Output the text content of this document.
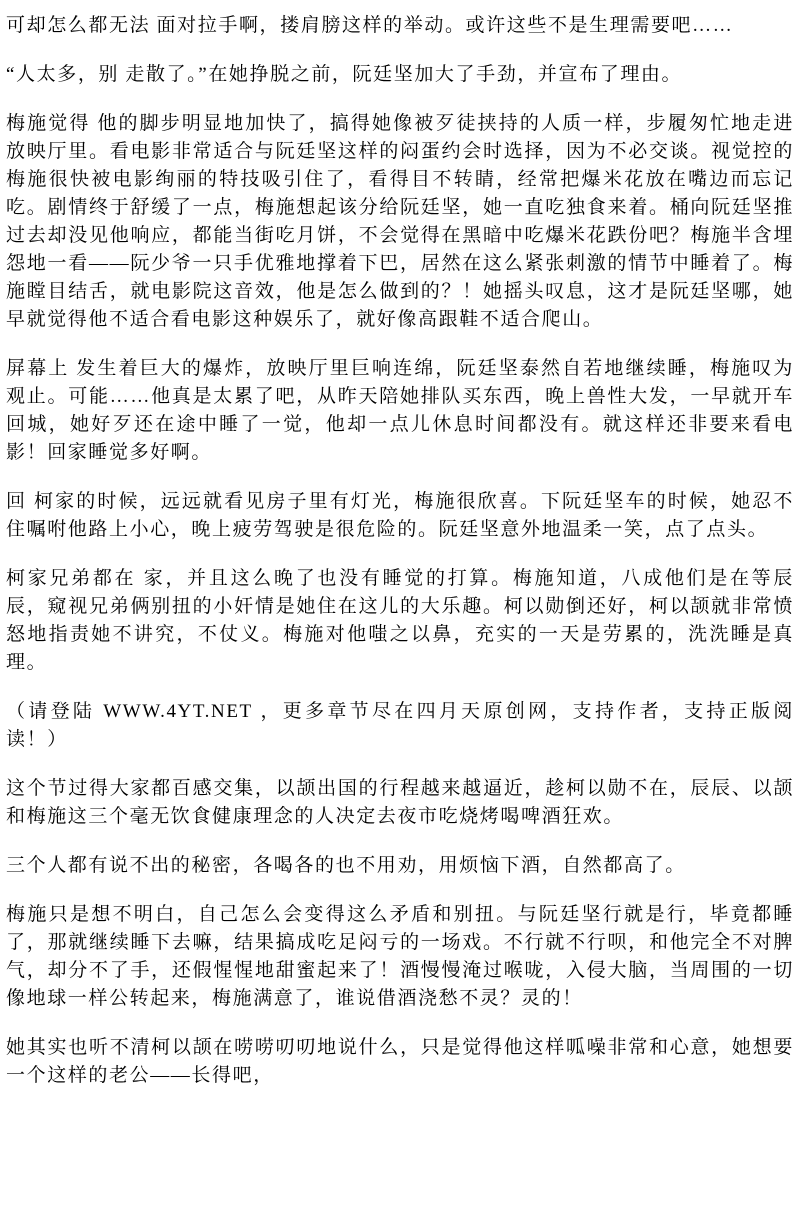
可却怎么都无法 面对拉手啊，搂肩膀这样的举动。或许这些不是生理需要吧……

“人太多，别 走散了。”在她挣脱之前，阮廷坚加大了手劲，并宣布了理由。

梅施觉得 他的脚步明显地加快了，搞得她像被歹徒挟持的人质一样，步履匆忙地走进放映厅里。看电影非常适合与阮廷坚这样的闷蛋约会时选择，因为不必交谈。视觉控的梅施很快被电影绚丽的特技吸引住了，看得目不转睛，经常把爆米花放在嘴边而忘记吃。剧情终于舒缓了一点，梅施想起该分给阮廷坚，她一直吃独食来着。桶向阮廷坚推过去却没见他响应，都能当街吃月饼，不会觉得在黑暗中吃爆米花跌份吧？梅施半含埋怨地一看——阮少爷一只手优雅地撑着下巴，居然在这么紧张刺激的情节中睡着了。梅施瞠目结舌，就电影院这音效，他是怎么做到的？！她摇头叹息，这才是阮廷坚哪，她早就觉得他不适合看电影这种娱乐了，就好像高跟鞋不适合爬山。

屏幕上 发生着巨大的爆炸，放映厅里巨响连绵，阮廷坚泰然自若地继续睡，梅施叹为观止。可能……他真是太累了吧，从昨天陪她排队买东西，晚上兽性大发，一早就开车回城，她好歹还在途中睡了一觉，他却一点儿休息时间都没有。就这样还非要来看电影！回家睡觉多好啊。

回 柯家的时候，远远就看见房子里有灯光，梅施很欣喜。下阮廷坚车的时候，她忍不住嘱咐他路上小心，晚上疲劳驾驶是很危险的。阮廷坚意外地温柔一笑，点了点头。

柯家兄弟都在 家，并且这么晚了也没有睡觉的打算。梅施知道，八成他们是在等辰辰，窥视兄弟俩别扭的小奸情是她住在这儿的大乐趣。柯以勋倒还好，柯以颉就非常愤怒地指责她不讲究，不仗义。梅施对他嗤之以鼻，充实的一天是劳累的，洗洗睡是真理。

（请登陆 WWW.4YT.NET ，更多章节尽在四月天原创网，支持作者，支持正版阅读！）

这个节过得大家都百感交集，以颉出国的行程越来越逼近，趁柯以勋不在，辰辰、以颉和梅施这三个毫无饮食健康理念的人决定去夜市吃烧烤喝啤酒狂欢。

三个人都有说不出的秘密，各喝各的也不用劝，用烦恼下酒，自然都高了。

梅施只是想不明白，自己怎么会变得这么矛盾和别扭。与阮廷坚行就是行，毕竟都睡了，那就继续睡下去嘛，结果搞成吃足闷亏的一场戏。不行就不行呗，和他完全不对脾气，却分不了手，还假惺惺地甜蜜起来了！酒慢慢淹过喉咙，入侵大脑，当周围的一切像地球一样公转起来，梅施满意了，谁说借酒浇愁不灵？灵的！

她其实也听不清柯以颉在唠唠叨叨地说什么，只是觉得他这样呱噪非常和心意，她想要一个这样的老公——长得吧，
